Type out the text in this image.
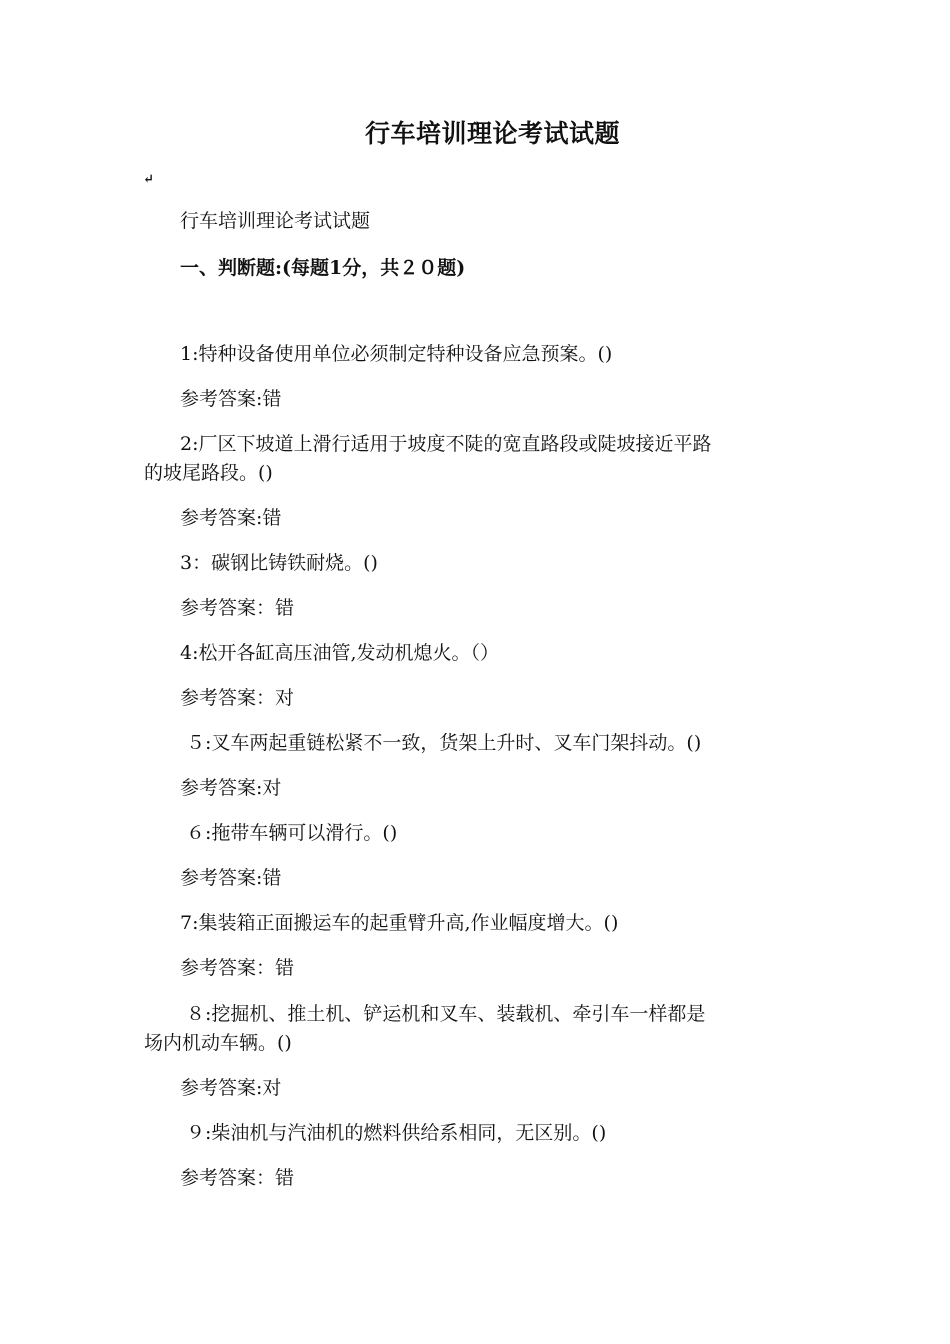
行车培训理论考试试题
↵
行车培训理论考试试题
一、判断题:(每题1分，共２０题)
1:特种设备使用单位必须制定特种设备应急预案。()
参考答案:错
2:厂区下坡道上滑行适用于坡度不陡的宽直路段或陡坡接近平路
的坡尾路段。()
参考答案:错
3：碳钢比铸铁耐烧。()
参考答案：错
4:松开各缸高压油管,发动机熄火。（）
参考答案：对
５:叉车两起重链松紧不一致，货架上升时、叉车门架抖动。()
参考答案:对
６:拖带车辆可以滑行。()
参考答案:错
7:集装箱正面搬运车的起重臂升高,作业幅度增大。()
参考答案：错
８:挖掘机、推土机、铲运机和叉车、装载机、牵引车一样都是
场内机动车辆。()
参考答案:对
９:柴油机与汽油机的燃料供给系相同，无区别。()
参考答案：错
